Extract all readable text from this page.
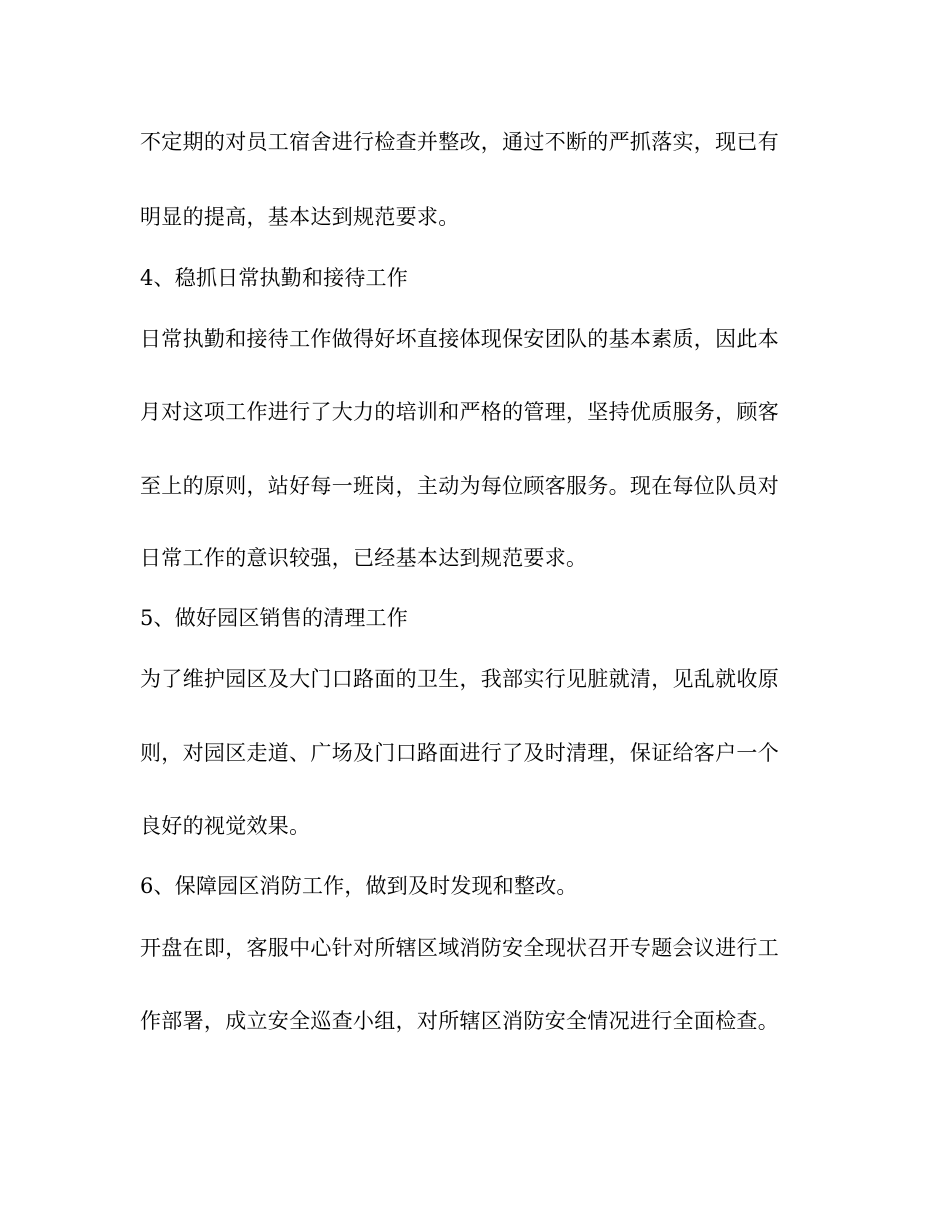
不定期的对员工宿舍进行检查并整改，通过不断的严抓落实，现已有
明显的提高，基本达到规范要求。
4、稳抓日常执勤和接待工作
日常执勤和接待工作做得好坏直接体现保安团队的基本素质，因此本
月对这项工作进行了大力的培训和严格的管理，坚持优质服务，顾客
至上的原则，站好每一班岗，主动为每位顾客服务。现在每位队员对
日常工作的意识较强，已经基本达到规范要求。
5、做好园区销售的清理工作
为了维护园区及大门口路面的卫生，我部实行见脏就清，见乱就收原
则，对园区走道、广场及门口路面进行了及时清理，保证给客户一个
良好的视觉效果。
6、保障园区消防工作，做到及时发现和整改。
开盘在即，客服中心针对所辖区域消防安全现状召开专题会议进行工
作部署，成立安全巡查小组，对所辖区消防安全情况进行全面检查。
